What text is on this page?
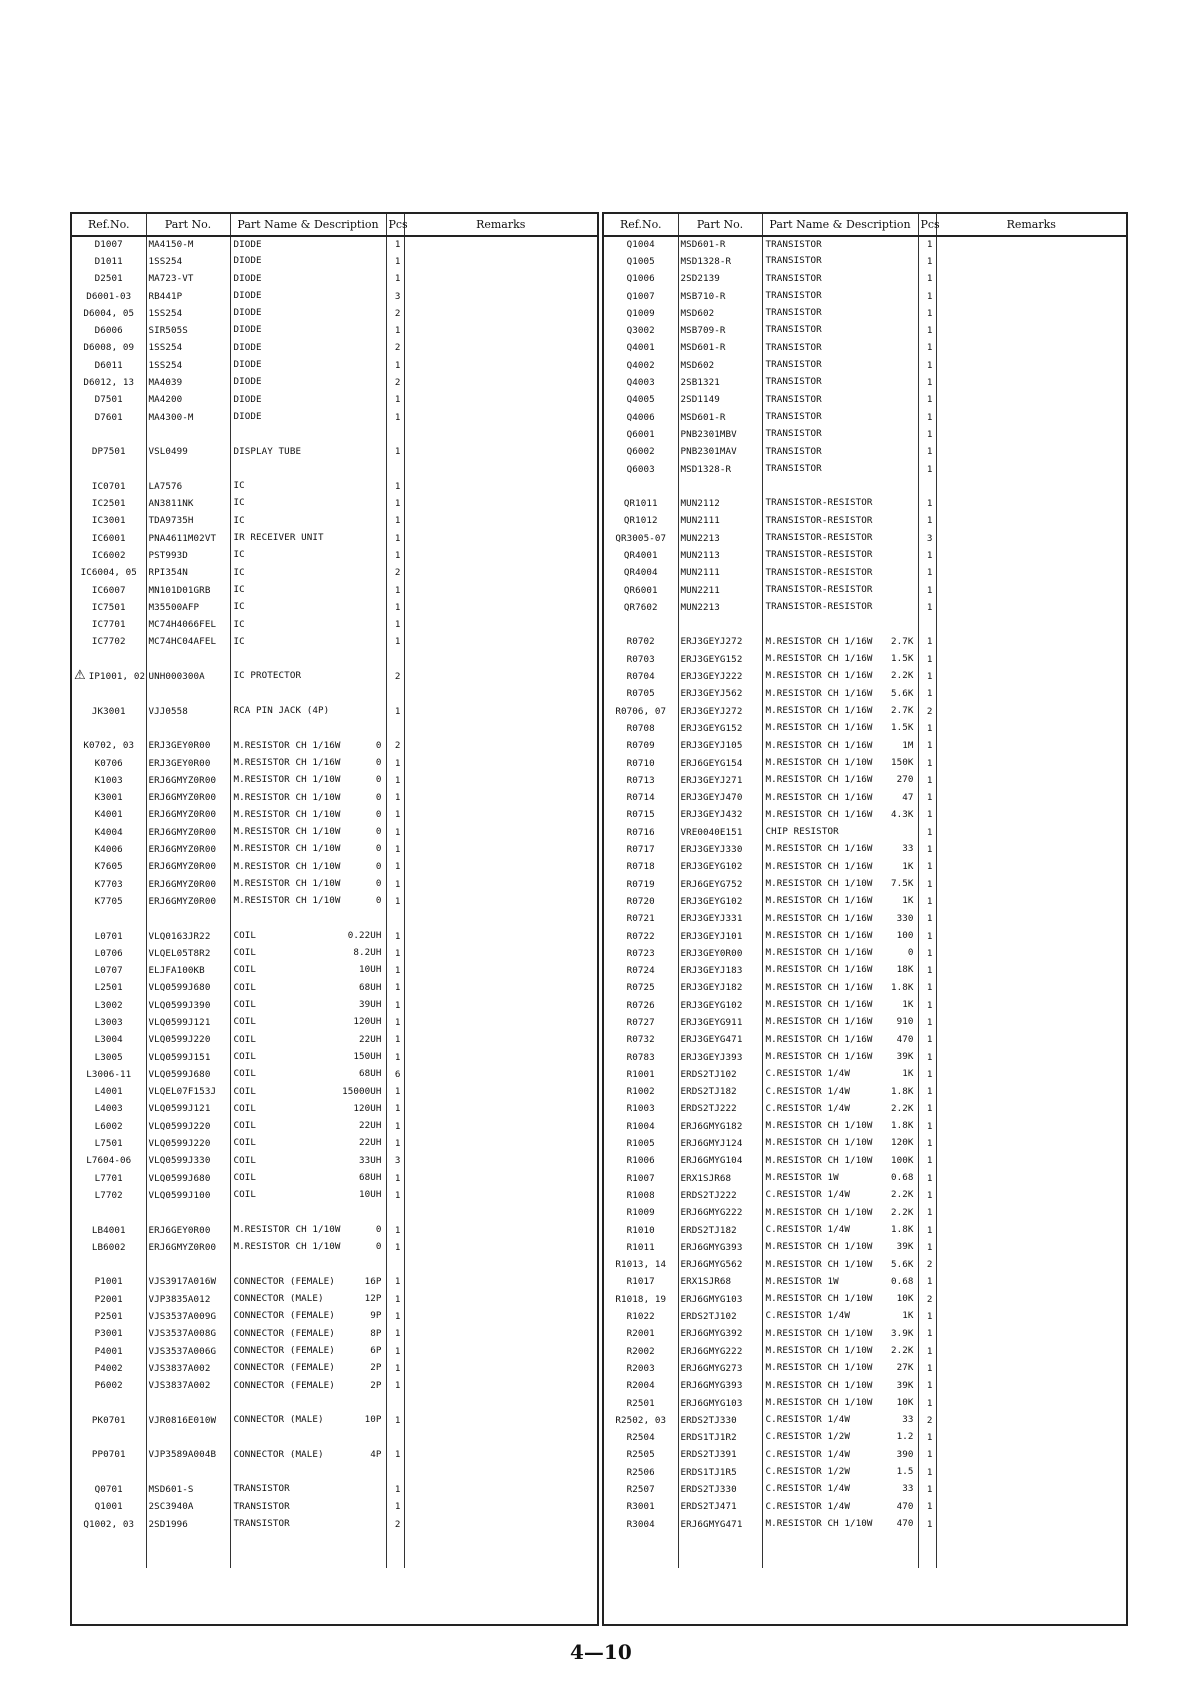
Ref.No.	Part No.	Part Name & Description	Pcs	Remarks
D1007	MA4150-M	DIODE	1	
D1011	1SS254	DIODE	1	
D2501	MA723-VT	DIODE	1	
D6001-03	RB441P	DIODE	3	
D6004, 05	1SS254	DIODE	2	
D6006	SIR505S	DIODE	1	
D6008, 09	1SS254	DIODE	2	
D6011	1SS254	DIODE	1	
D6012, 13	MA4039	DIODE	2	
D7501	MA4200	DIODE	1	
D7601	MA4300-M	DIODE	1	

DP7501	VSL0499	DISPLAY TUBE	1	

IC0701	LA7576	IC	1	
IC2501	AN3811NK	IC	1	
IC3001	TDA9735H	IC	1	
IC6001	PNA4611M02VT	IR RECEIVER UNIT	1	
IC6002	PST993D	IC	1	
IC6004, 05	RPI354N	IC	2	
IC6007	MN101D01GRB	IC	1	
IC7501	M35500AFP	IC	1	
IC7701	MC74H4066FEL	IC	1	
IC7702	MC74HC04AFEL	IC	1	

⚠ IP1001, 02	UNH000300A	IC PROTECTOR	2	

JK3001	VJJ0558	RCA PIN JACK (4P)	1	

K0702, 03	ERJ3GEY0R00	M.RESISTOR CH 1/16W 0	2	
K0706	ERJ3GEY0R00	M.RESISTOR CH 1/16W 0	1	
K1003	ERJ6GMYZ0R00	M.RESISTOR CH 1/10W 0	1	
K3001	ERJ6GMYZ0R00	M.RESISTOR CH 1/10W 0	1	
K4001	ERJ6GMYZ0R00	M.RESISTOR CH 1/10W 0	1	
K4004	ERJ6GMYZ0R00	M.RESISTOR CH 1/10W 0	1	
K4006	ERJ6GMYZ0R00	M.RESISTOR CH 1/10W 0	1	
K7605	ERJ6GMYZ0R00	M.RESISTOR CH 1/10W 0	1	
K7703	ERJ6GMYZ0R00	M.RESISTOR CH 1/10W 0	1	
K7705	ERJ6GMYZ0R00	M.RESISTOR CH 1/10W 0	1	

L0701	VLQ0163JR22	COIL 0.22UH	1	
L0706	VLQEL05T8R2	COIL 8.2UH	1	
L0707	ELJFA100KB	COIL 10UH	1	
L2501	VLQ0599J680	COIL 68UH	1	
L3002	VLQ0599J390	COIL 39UH	1	
L3003	VLQ0599J121	COIL 120UH	1	
L3004	VLQ0599J220	COIL 22UH	1	
L3005	VLQ0599J151	COIL 150UH	1	
L3006-11	VLQ0599J680	COIL 68UH	6	
L4001	VLQEL07F153J	COIL 15000UH	1	
L4003	VLQ0599J121	COIL 120UH	1	
L6002	VLQ0599J220	COIL 22UH	1	
L7501	VLQ0599J220	COIL 22UH	1	
L7604-06	VLQ0599J330	COIL 33UH	3	
L7701	VLQ0599J680	COIL 68UH	1	
L7702	VLQ0599J100	COIL 10UH	1	

LB4001	ERJ6GEY0R00	M.RESISTOR CH 1/10W 0	1	
LB6002	ERJ6GMYZ0R00	M.RESISTOR CH 1/10W 0	1	

P1001	VJS3917A016W	CONNECTOR (FEMALE) 16P	1	
P2001	VJP3835A012	CONNECTOR (MALE) 12P	1	
P2501	VJS3537A009G	CONNECTOR (FEMALE) 9P	1	
P3001	VJS3537A008G	CONNECTOR (FEMALE) 8P	1	
P4001	VJS3537A006G	CONNECTOR (FEMALE) 6P	1	
P4002	VJS3837A002	CONNECTOR (FEMALE) 2P	1	
P6002	VJS3837A002	CONNECTOR (FEMALE) 2P	1	

PK0701	VJR0816E010W	CONNECTOR (MALE) 10P	1	

PP0701	VJP3589A004B	CONNECTOR (MALE) 4P	1	

Q0701	MSD601-S	TRANSISTOR	1	
Q1001	2SC3940A	TRANSISTOR	1	
Q1002, 03	2SD1996	TRANSISTOR	2	

Ref.No.	Part No.	Part Name & Description	Pcs	Remarks
Q1004	MSD601-R	TRANSISTOR	1	
Q1005	MSD1328-R	TRANSISTOR	1	
Q1006	2SD2139	TRANSISTOR	1	
Q1007	MSB710-R	TRANSISTOR	1	
Q1009	MSD602	TRANSISTOR	1	
Q3002	MSB709-R	TRANSISTOR	1	
Q4001	MSD601-R	TRANSISTOR	1	
Q4002	MSD602	TRANSISTOR	1	
Q4003	2SB1321	TRANSISTOR	1	
Q4005	2SD1149	TRANSISTOR	1	
Q4006	MSD601-R	TRANSISTOR	1	
Q6001	PNB2301MBV	TRANSISTOR	1	
Q6002	PNB2301MAV	TRANSISTOR	1	
Q6003	MSD1328-R	TRANSISTOR	1	

QR1011	MUN2112	TRANSISTOR-RESISTOR	1	
QR1012	MUN2111	TRANSISTOR-RESISTOR	1	
QR3005-07	MUN2213	TRANSISTOR-RESISTOR	3	
QR4001	MUN2113	TRANSISTOR-RESISTOR	1	
QR4004	MUN2111	TRANSISTOR-RESISTOR	1	
QR6001	MUN2211	TRANSISTOR-RESISTOR	1	
QR7602	MUN2213	TRANSISTOR-RESISTOR	1	

R0702	ERJ3GEYJ272	M.RESISTOR CH 1/16W 2.7K	1	
R0703	ERJ3GEYG152	M.RESISTOR CH 1/16W 1.5K	1	
R0704	ERJ3GEYJ222	M.RESISTOR CH 1/16W 2.2K	1	
R0705	ERJ3GEYJ562	M.RESISTOR CH 1/16W 5.6K	1	
R0706, 07	ERJ3GEYJ272	M.RESISTOR CH 1/16W 2.7K	2	
R0708	ERJ3GEYG152	M.RESISTOR CH 1/16W 1.5K	1	
R0709	ERJ3GEYJ105	M.RESISTOR CH 1/16W 1M	1	
R0710	ERJ6GEYG154	M.RESISTOR CH 1/10W 150K	1	
R0713	ERJ3GEYJ271	M.RESISTOR CH 1/16W 270	1	
R0714	ERJ3GEYJ470	M.RESISTOR CH 1/16W 47	1	
R0715	ERJ3GEYJ432	M.RESISTOR CH 1/16W 4.3K	1	
R0716	VRE0040E151	CHIP RESISTOR	1	
R0717	ERJ3GEYJ330	M.RESISTOR CH 1/16W 33	1	
R0718	ERJ3GEYG102	M.RESISTOR CH 1/16W 1K	1	
R0719	ERJ6GEYG752	M.RESISTOR CH 1/10W 7.5K	1	
R0720	ERJ3GEYG102	M.RESISTOR CH 1/16W 1K	1	
R0721	ERJ3GEYJ331	M.RESISTOR CH 1/16W 330	1	
R0722	ERJ3GEYJ101	M.RESISTOR CH 1/16W 100	1	
R0723	ERJ3GEY0R00	M.RESISTOR CH 1/16W 0	1	
R0724	ERJ3GEYJ183	M.RESISTOR CH 1/16W 18K	1	
R0725	ERJ3GEYJ182	M.RESISTOR CH 1/16W 1.8K	1	
R0726	ERJ3GEYG102	M.RESISTOR CH 1/16W 1K	1	
R0727	ERJ3GEYG911	M.RESISTOR CH 1/16W 910	1	
R0732	ERJ3GEYG471	M.RESISTOR CH 1/16W 470	1	
R0783	ERJ3GEYJ393	M.RESISTOR CH 1/16W 39K	1	
R1001	ERDS2TJ102	C.RESISTOR 1/4W 1K	1	
R1002	ERDS2TJ182	C.RESISTOR 1/4W 1.8K	1	
R1003	ERDS2TJ222	C.RESISTOR 1/4W 2.2K	1	
R1004	ERJ6GMYG182	M.RESISTOR CH 1/10W 1.8K	1	
R1005	ERJ6GMYJ124	M.RESISTOR CH 1/10W 120K	1	
R1006	ERJ6GMYG104	M.RESISTOR CH 1/10W 100K	1	
R1007	ERX1SJR68	M.RESISTOR 1W 0.68	1	
R1008	ERDS2TJ222	C.RESISTOR 1/4W 2.2K	1	
R1009	ERJ6GMYG222	M.RESISTOR CH 1/10W 2.2K	1	
R1010	ERDS2TJ182	C.RESISTOR 1/4W 1.8K	1	
R1011	ERJ6GMYG393	M.RESISTOR CH 1/10W 39K	1	
R1013, 14	ERJ6GMYG562	M.RESISTOR CH 1/10W 5.6K	2	
R1017	ERX1SJR68	M.RESISTOR 1W 0.68	1	
R1018, 19	ERJ6GMYG103	M.RESISTOR CH 1/10W 10K	2	
R1022	ERDS2TJ102	C.RESISTOR 1/4W 1K	1	
R2001	ERJ6GMYG392	M.RESISTOR CH 1/10W 3.9K	1	
R2002	ERJ6GMYG222	M.RESISTOR CH 1/10W 2.2K	1	
R2003	ERJ6GMYG273	M.RESISTOR CH 1/10W 27K	1	
R2004	ERJ6GMYG393	M.RESISTOR CH 1/10W 39K	1	
R2501	ERJ6GMYG103	M.RESISTOR CH 1/10W 10K	1	
R2502, 03	ERDS2TJ330	C.RESISTOR 1/4W 33	2	
R2504	ERDS1TJ1R2	C.RESISTOR 1/2W 1.2	1	
R2505	ERDS2TJ391	C.RESISTOR 1/4W 390	1	
R2506	ERDS1TJ1R5	C.RESISTOR 1/2W 1.5	1	
R2507	ERDS2TJ330	C.RESISTOR 1/4W 33	1	
R3001	ERDS2TJ471	C.RESISTOR 1/4W 470	1	
R3004	ERJ6GMYG471	M.RESISTOR CH 1/10W 470	1	

4—10
